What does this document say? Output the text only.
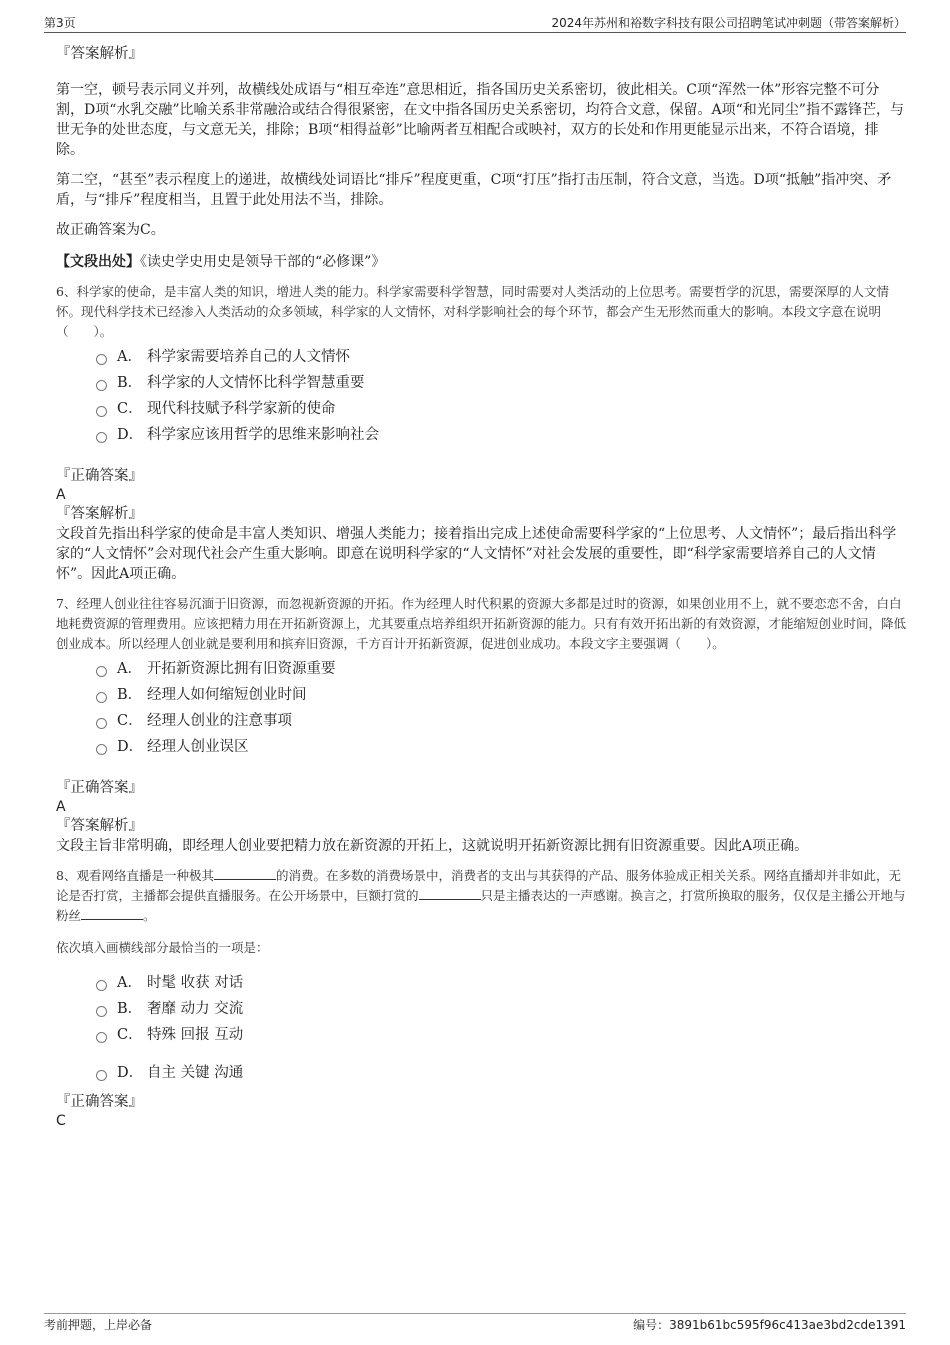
第3页	2024年苏州和裕数字科技有限公司招聘笔试冲刺题（带答案解析）
『答案解析』

第一空，顿号表示同义并列，故横线处成语与“相互牵连”意思相近，指各国历史关系密切，彼此相关。C项“浑然一体”形容完整不可分割，D项“水乳交融”比喻关系非常融洽或结合得很紧密，在文中指各国历史关系密切，均符合文意，保留。A项“和光同尘”指不露锋芒，与世无争的处世态度，与文意无关，排除；B项“相得益彰”比喻两者互相配合或映衬，双方的长处和作用更能显示出来，不符合语境，排除。

第二空，“甚至”表示程度上的递进，故横线处词语比“排斥”程度更重，C项“打压”指打击压制，符合文意，当选。D项“抵触”指冲突、矛盾，与“排斥”程度相当，且置于此处用法不当，排除。

故正确答案为C。

【文段出处】《读史学史用史是领导干部的“必修课”》

6、科学家的使命，是丰富人类的知识，增进人类的能力。科学家需要科学智慧，同时需要对人类活动的上位思考。需要哲学的沉思，需要深厚的人文情怀。现代科学技术已经渗入人类活动的众多领域，科学家的人文情怀，对科学影响社会的每个环节，都会产生无形然而重大的影响。本段文字意在说明（　　）。

A． 科学家需要培养自己的人文情怀
B． 科学家的人文情怀比科学智慧重要
C． 现代科技赋予科学家新的使命
D． 科学家应该用哲学的思维来影响社会
『正确答案』
A
『答案解析』

文段首先指出科学家的使命是丰富人类知识、增强人类能力；接着指出完成上述使命需要科学家的“上位思考、人文情怀”；最后指出科学家的“人文情怀”会对现代社会产生重大影响。即意在说明科学家的“人文情怀”对社会发展的重要性，即“科学家需要培养自己的人文情怀”。因此A项正确。

7、经理人创业往往容易沉湎于旧资源，而忽视新资源的开拓。作为经理人时代积累的资源大多都是过时的资源，如果创业用不上，就不要恋恋不舍，白白地耗费资源的管理费用。应该把精力用在开拓新资源上，尤其要重点培养组织开拓新资源的能力。只有有效开拓出新的有效资源，才能缩短创业时间，降低创业成本。所以经理人创业就是要利用和摈弃旧资源，千方百计开拓新资源，促进创业成功。本段文字主要强调（　　）。

A． 开拓新资源比拥有旧资源重要
B． 经理人如何缩短创业时间
C． 经理人创业的注意事项
D． 经理人创业误区
『正确答案』
A
『答案解析』

文段主旨非常明确，即经理人创业要把精力放在新资源的开拓上，这就说明开拓新资源比拥有旧资源重要。因此A项正确。

8、观看网络直播是一种极其	的消费。在多数的消费场景中，消费者的支出与其获得的产品、服务体验成正相关关系。网络直播却并非如此，无论是否打赏，主播都会提供直播服务。在公开场景中，巨额打赏的	只是主播表达的一声感谢。换言之，打赏所换取的服务，仅仅是主播公开地与粉丝	。

依次填入画横线部分最恰当的一项是：

A． 时髦 收获 对话
B． 奢靡 动力 交流
C． 特殊 回报 互动
D． 自主 关键 沟通
『正确答案』
C
考前押题，上岸必备	编号：3891b61bc595f96c413ae3bd2cde1391
